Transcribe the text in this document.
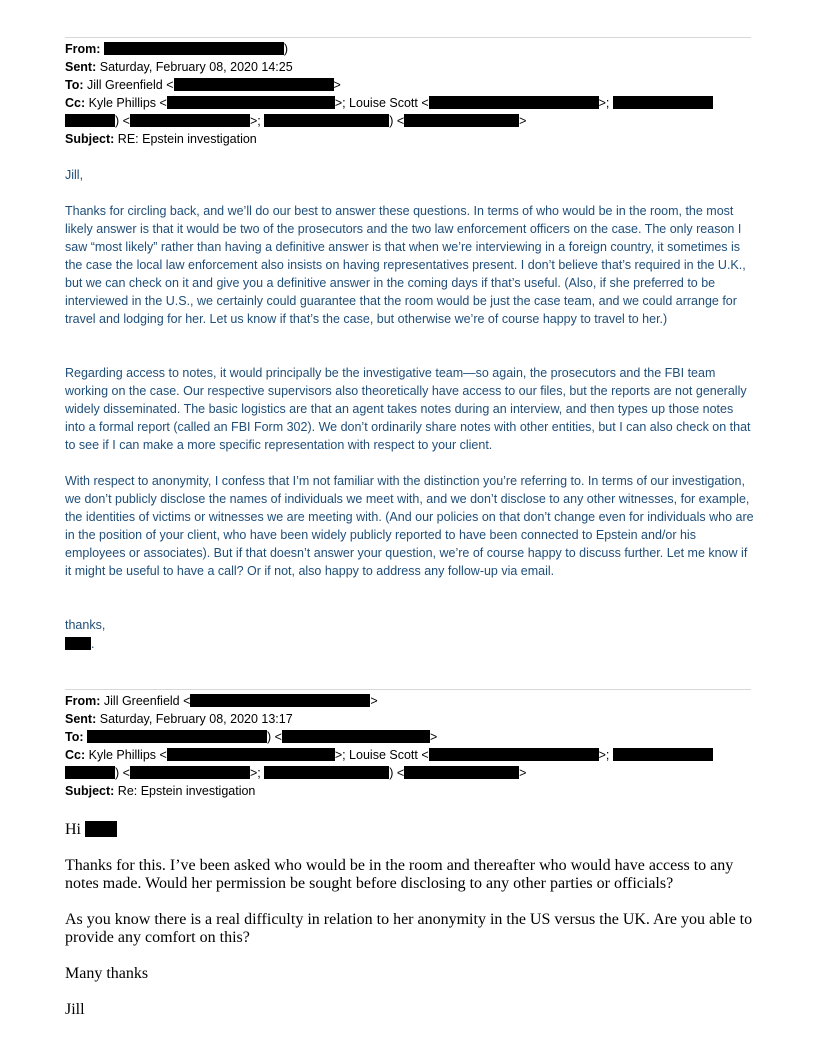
From:	)
Sent: Saturday, February 08, 2020 14:25
To: Jill Greenfield <	>
Cc: Kyle Phillips <	>; Louise Scott <	>;
) <	>;	) <	>
Subject: RE: Epstein investigation
Jill,

Thanks for circling back, and we’ll do our best to answer these questions. In terms of who would be in the room, the most likely answer is that it would be two of the prosecutors and the two law enforcement officers on the case. The only reason I saw “most likely” rather than having a definitive answer is that when we’re interviewing in a foreign country, it sometimes is the case the local law enforcement also insists on having representatives present. I don’t believe that’s required in the U.K., but we can check on it and give you a definitive answer in the coming days if that’s useful. (Also, if she preferred to be interviewed in the U.S., we certainly could guarantee that the room would be just the case team, and we could arrange for travel and lodging for her. Let us know if that’s the case, but otherwise we’re of course happy to travel to her.)

Regarding access to notes, it would principally be the investigative team—so again, the prosecutors and the FBI team working on the case. Our respective supervisors also theoretically have access to our files, but the reports are not generally widely disseminated. The basic logistics are that an agent takes notes during an interview, and then types up those notes into a formal report (called an FBI Form 302). We don’t ordinarily share notes with other entities, but I can also check on that to see if I can make a more specific representation with respect to your client.

With respect to anonymity, I confess that I’m not familiar with the distinction you’re referring to. In terms of our investigation, we don’t publicly disclose the names of individuals we meet with, and we don’t disclose to any other witnesses, for example, the identities of victims or witnesses we are meeting with. (And our policies on that don’t change even for individuals who are in the position of your client, who have been widely publicly reported to have been connected to Epstein and/or his employees or associates). But if that doesn’t answer your question, we’re of course happy to discuss further. Let me know if it might be useful to have a call? Or if not, also happy to address any follow-up via email.

thanks,
.
From: Jill Greenfield <	>
Sent: Saturday, February 08, 2020 13:17
To:	) <	>
Cc: Kyle Phillips <	>; Louise Scott <	>;
) <	>;	) <	>
Subject: Re: Epstein investigation
Hi

Thanks for this. I’ve been asked who would be in the room and thereafter who would have access to any notes made. Would her permission be sought before disclosing to any other parties or officials?

As you know there is a real difficulty in relation to her anonymity in the US versus the UK. Are you able to provide any comfort on this?

Many thanks
Jill
